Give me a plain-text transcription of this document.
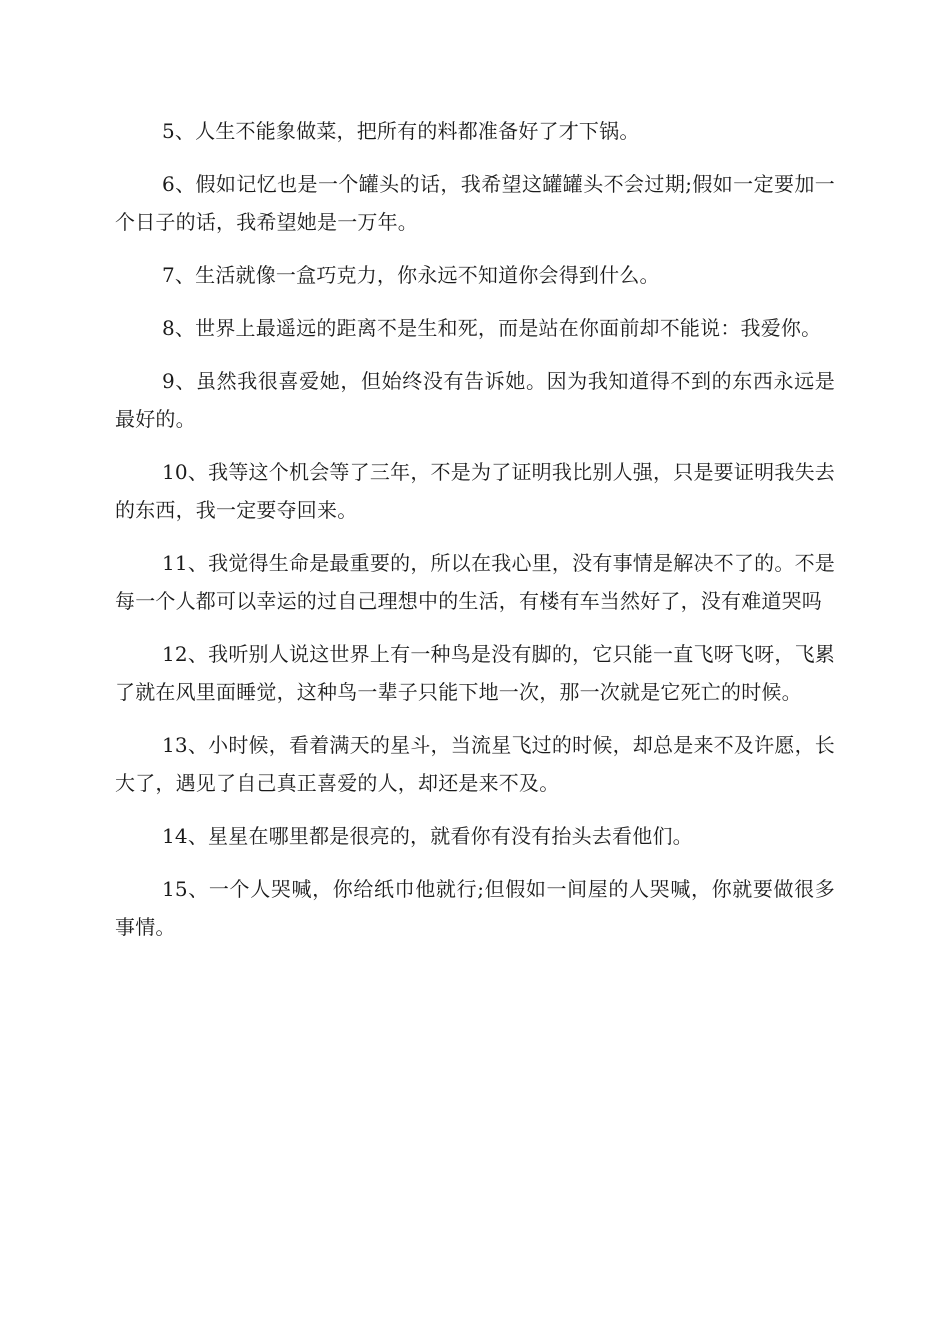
5、人生不能象做菜，把所有的料都准备好了才下锅。

6、假如记忆也是一个罐头的话，我希望这罐罐头不会过期;假如一定要加一个日子的话，我希望她是一万年。

7、生活就像一盒巧克力，你永远不知道你会得到什么。

8、世界上最遥远的距离不是生和死，而是站在你面前却不能说：我爱你。

9、虽然我很喜爱她，但始终没有告诉她。因为我知道得不到的东西永远是最好的。

10、我等这个机会等了三年，不是为了证明我比别人强，只是要证明我失去的东西，我一定要夺回来。

11、我觉得生命是最重要的，所以在我心里，没有事情是解决不了的。不是每一个人都可以幸运的过自己理想中的生活，有楼有车当然好了，没有难道哭吗

12、我听别人说这世界上有一种鸟是没有脚的，它只能一直飞呀飞呀，飞累了就在风里面睡觉，这种鸟一辈子只能下地一次，那一次就是它死亡的时候。

13、小时候，看着满天的星斗，当流星飞过的时候，却总是来不及许愿，长大了，遇见了自己真正喜爱的人，却还是来不及。

14、星星在哪里都是很亮的，就看你有没有抬头去看他们。

15、一个人哭喊，你给纸巾他就行;但假如一间屋的人哭喊，你就要做很多事情。
